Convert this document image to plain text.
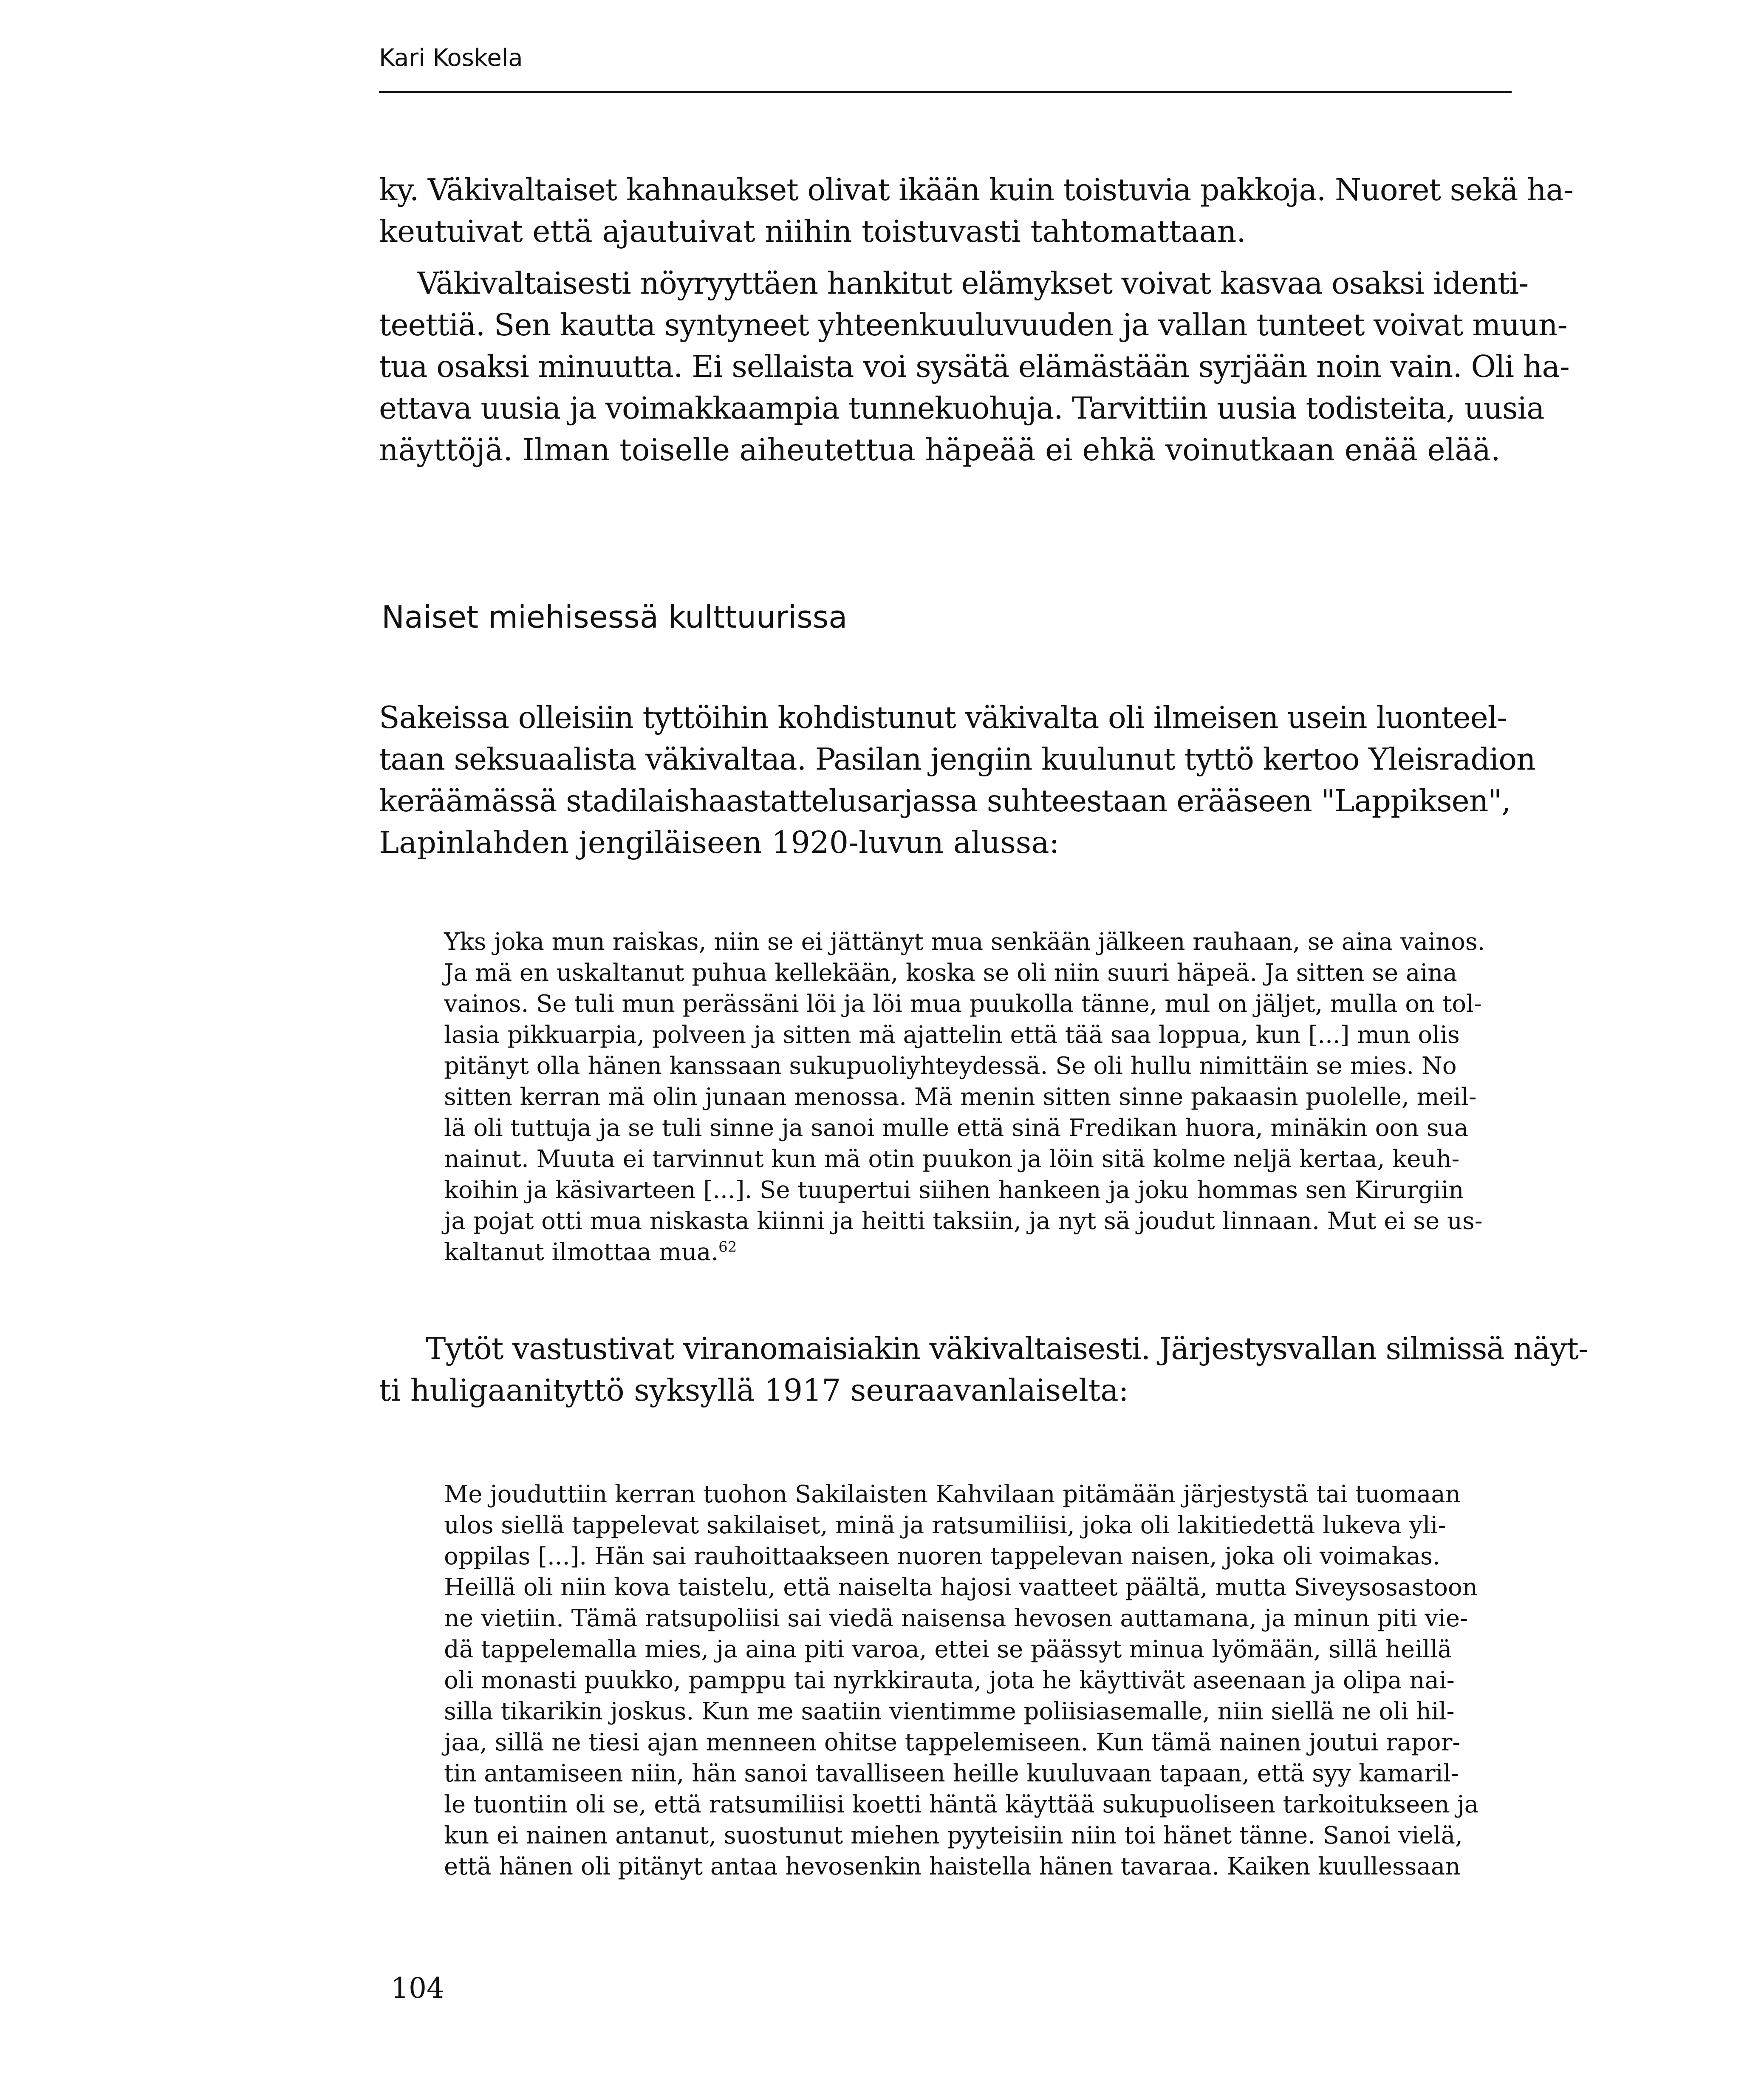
Kari Koskela

ky. Väkivaltaiset kahnaukset olivat ikään kuin toistuvia pakkoja. Nuoret sekä ha-
keutuivat että ajautuivat niihin toistuvasti tahtomattaan.

Väkivaltaisesti nöyryyttäen hankitut elämykset voivat kasvaa osaksi identi-
teettiä. Sen kautta syntyneet yhteenkuuluvuuden ja vallan tunteet voivat muun-
tua osaksi minuutta. Ei sellaista voi sysätä elämästään syrjään noin vain. Oli ha-
ettava uusia ja voimakkaampia tunnekuohuja. Tarvittiin uusia todisteita, uusia
näyttöjä. Ilman toiselle aiheutettua häpeää ei ehkä voinutkaan enää elää.

Naiset miehisessä kulttuurissa

Sakeissa olleisiin tyttöihin kohdistunut väkivalta oli ilmeisen usein luonteel-
taan seksuaalista väkivaltaa. Pasilan jengiin kuulunut tyttö kertoo Yleisradion
keräämässä stadilaishaastattelusarjassa suhteestaan erääseen "Lappiksen",
Lapinlahden jengiläiseen 1920-luvun alussa:

Yks joka mun raiskas, niin se ei jättänyt mua senkään jälkeen rauhaan, se aina vainos.
Ja mä en uskaltanut puhua kellekään, koska se oli niin suuri häpeä. Ja sitten se aina
vainos. Se tuli mun perässäni löi ja löi mua puukolla tänne, mul on jäljet, mulla on tol-
lasia pikkuarpia, polveen ja sitten mä ajattelin että tää saa loppua, kun [...] mun olis
pitänyt olla hänen kanssaan sukupuoliyhteydessä. Se oli hullu nimittäin se mies. No
sitten kerran mä olin junaan menossa. Mä menin sitten sinne pakaasin puolelle, meil-
lä oli tuttuja ja se tuli sinne ja sanoi mulle että sinä Fredikan huora, minäkin oon sua
nainut. Muuta ei tarvinnut kun mä otin puukon ja löin sitä kolme neljä kertaa, keuh-
koihin ja käsivarteen [...]. Se tuupertui siihen hankeen ja joku hommas sen Kirurgiin
ja pojat otti mua niskasta kiinni ja heitti taksiin, ja nyt sä joudut linnaan. Mut ei se us-
kaltanut ilmottaa mua.$^{62}$

Tytöt vastustivat viranomaisiakin väkivaltaisesti. Järjestysvallan silmissä näyt-
ti huligaanityttö syksyllä 1917 seuraavanlaiselta:

Me jouduttiin kerran tuohon Sakilaisten Kahvilaan pitämään järjestystä tai tuomaan
ulos siellä tappelevat sakilaiset, minä ja ratsumiliisi, joka oli lakitiedettä lukeva yli-
oppilas [...]. Hän sai rauhoittaakseen nuoren tappelevan naisen, joka oli voimakas.
Heillä oli niin kova taistelu, että naiselta hajosi vaatteet päältä, mutta Siveysosastoon
ne vietiin. Tämä ratsupoliisi sai viedä naisensa hevosen auttamana, ja minun piti vie-
dä tappelemalla mies, ja aina piti varoa, ettei se päässyt minua lyömään, sillä heillä
oli monasti puukko, pamppu tai nyrkkirauta, jota he käyttivät aseenaan ja olipa nai-
silla tikarikin joskus. Kun me saatiin vientimme poliisiasemalle, niin siellä ne oli hil-
jaa, sillä ne tiesi ajan menneen ohitse tappelemiseen. Kun tämä nainen joutui rapor-
tin antamiseen niin, hän sanoi tavalliseen heille kuuluvaan tapaan, että syy kamaril-
le tuontiin oli se, että ratsumiliisi koetti häntä käyttää sukupuoliseen tarkoitukseen ja
kun ei nainen antanut, suostunut miehen pyyteisiin niin toi hänet tänne. Sanoi vielä,
että hänen oli pitänyt antaa hevosenkin haistella hänen tavaraa. Kaiken kuullessaan
104
